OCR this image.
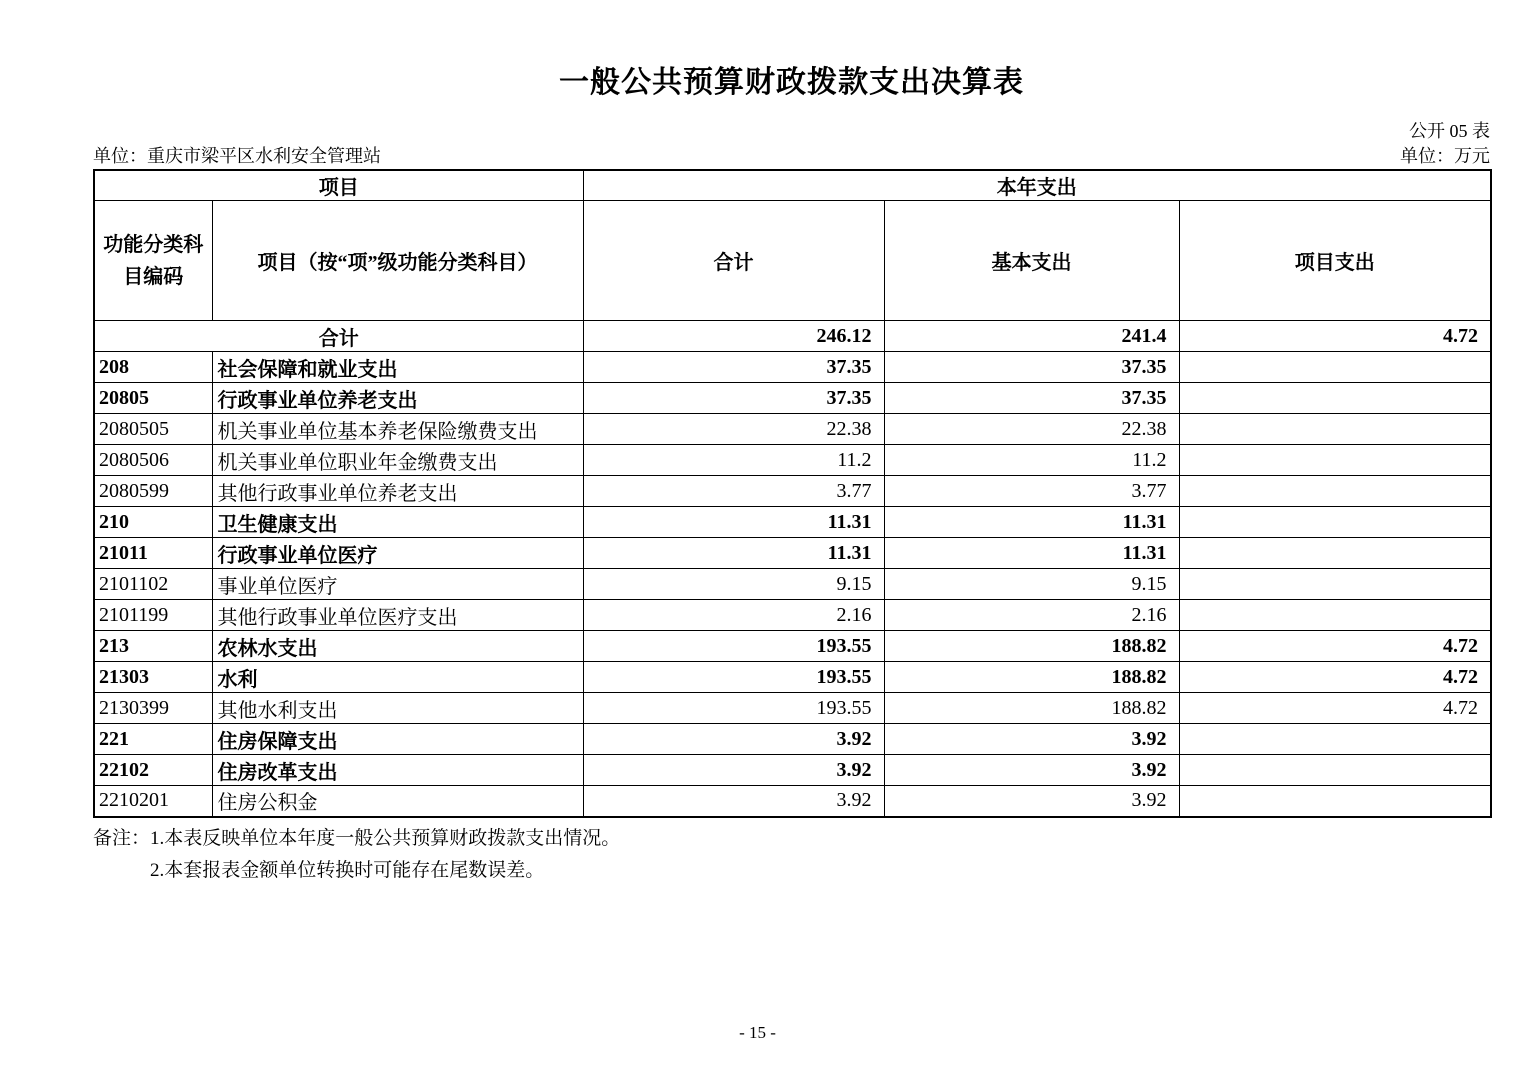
一般公共预算财政拨款支出决算表
公开 05 表
单位：重庆市梁平区水利安全管理站	单位：万元
项目		本年支出		
功能分类科目编码	项目（按“项”级功能分类科目）	合计	基本支出	项目支出
合计		246.12	241.4	4.72
208	社会保障和就业支出	37.35	37.35	
20805	行政事业单位养老支出	37.35	37.35	
2080505	机关事业单位基本养老保险缴费支出	22.38	22.38	
2080506	机关事业单位职业年金缴费支出	11.2	11.2	
2080599	其他行政事业单位养老支出	3.77	3.77	
210	卫生健康支出	11.31	11.31	
21011	行政事业单位医疗	11.31	11.31	
2101102	事业单位医疗	9.15	9.15	
2101199	其他行政事业单位医疗支出	2.16	2.16	
213	农林水支出	193.55	188.82	4.72
21303	水利	193.55	188.82	4.72
2130399	其他水利支出	193.55	188.82	4.72
221	住房保障支出	3.92	3.92	
22102	住房改革支出	3.92	3.92	
2210201	住房公积金	3.92	3.92	
备注：1.本表反映单位本年度一般公共预算财政拨款支出情况。
2.本套报表金额单位转换时可能存在尾数误差。
- 15 -
